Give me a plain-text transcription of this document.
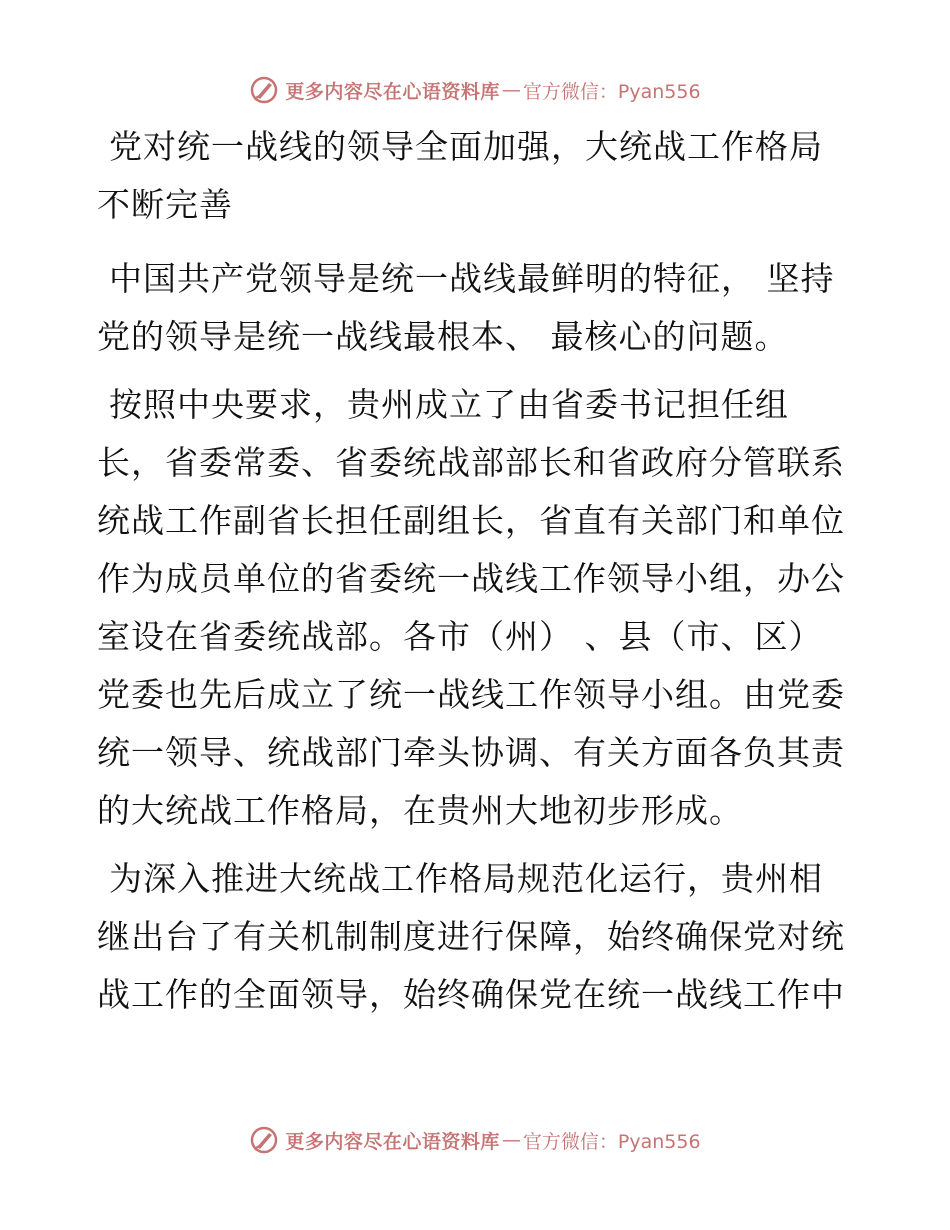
更多内容尽在心语资料库 — 官方微信：Pyan556

党对统一战线的领导全面加强，大统战工作格局不断完善

中国共产党领导是统一战线最鲜明的特征， 坚持党的领导是统一战线最根本、 最核心的问题。

按照中央要求，贵州成立了由省委书记担任组长，省委常委、省委统战部部长和省政府分管联系统战工作副省长担任副组长，省直有关部门和单位作为成员单位的省委统一战线工作领导小组，办公室设在省委统战部。各市（州） 、县（市、区）党委也先后成立了统一战线工作领导小组。由党委统一领导、统战部门牵头协调、有关方面各负其责的大统战工作格局，在贵州大地初步形成。

为深入推进大统战工作格局规范化运行，贵州相继出台了有关机制制度进行保障，始终确保党对统战工作的全面领导，始终确保党在统一战线工作中

更多内容尽在心语资料库 — 官方微信：Pyan556
